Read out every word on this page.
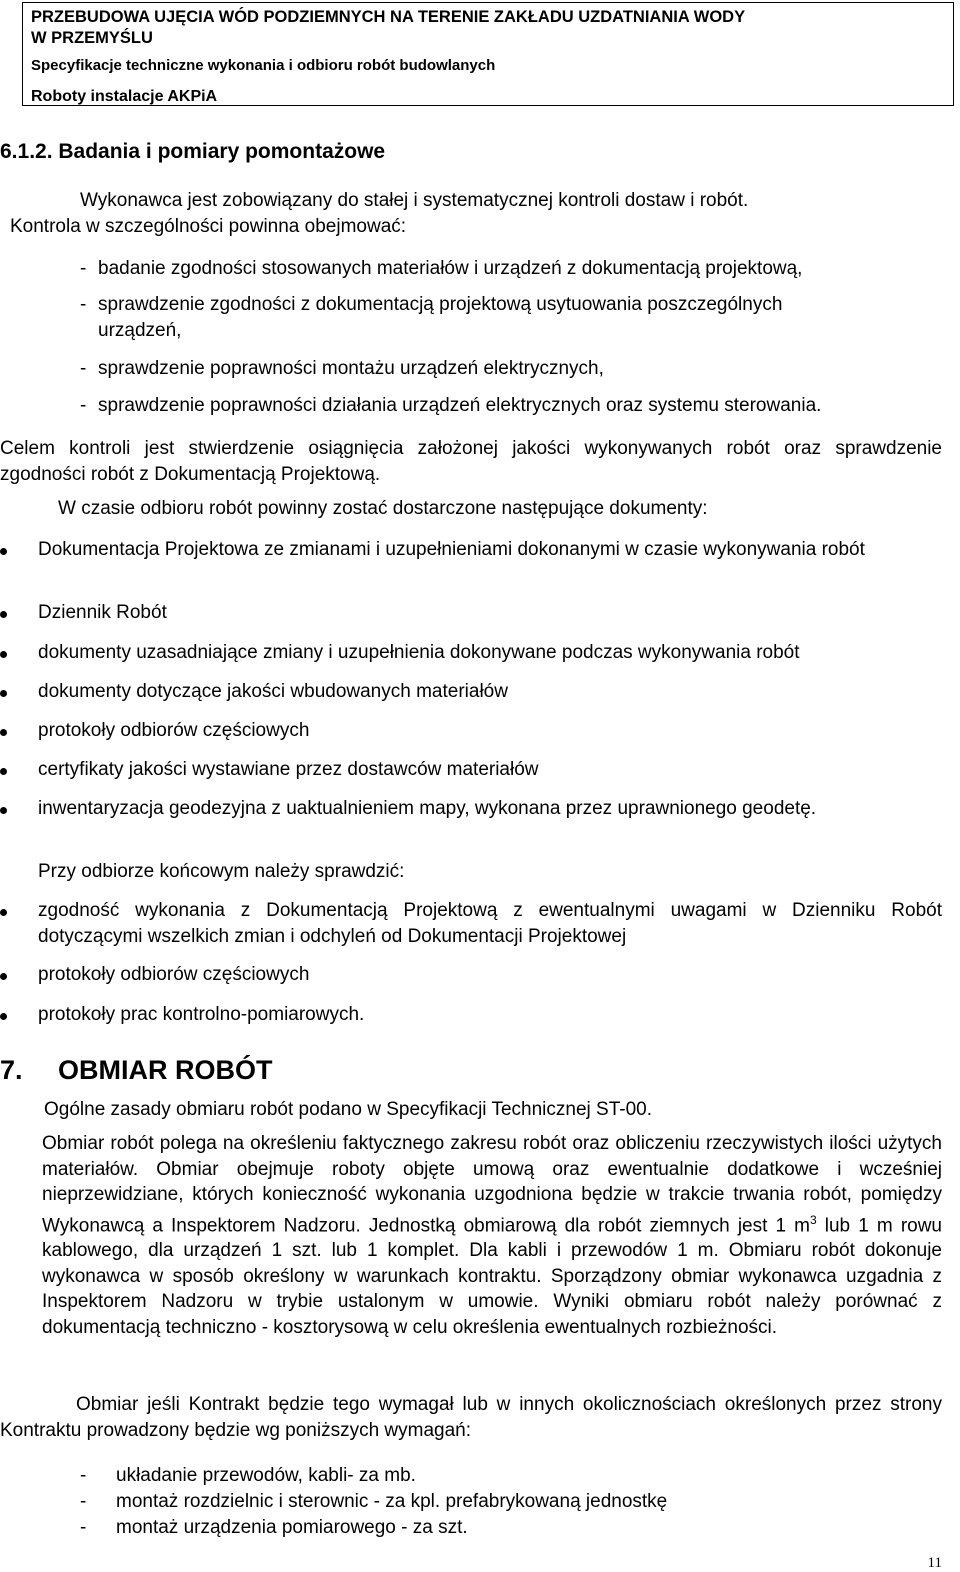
PRZEBUDOWA UJĘCIA WÓD PODZIEMNYCH NA TERENIE ZAKŁADU UZDATNIANIA WODY
W PRZEMYŚLU
Specyfikacje techniczne wykonania i odbioru robót budowlanych
Roboty instalacje AKPiA
6.1.2. Badania i pomiary pomontażowe
Wykonawca jest zobowiązany do stałej i systematycznej kontroli dostaw i robót.
Kontrola w szczególności powinna obejmować:
- badanie zgodności stosowanych materiałów i urządzeń z dokumentacją projektową,
- sprawdzenie zgodności z dokumentacją projektową usytuowania poszczególnych
urządzeń,
- sprawdzenie poprawności montażu urządzeń elektrycznych,
- sprawdzenie poprawności działania urządzeń elektrycznych oraz systemu sterowania.
Celem kontroli jest stwierdzenie osiągnięcia założonej jakości wykonywanych robót oraz sprawdzenie zgodności robót z Dokumentacją Projektową.
W czasie odbioru robót powinny zostać dostarczone następujące dokumenty:
Dokumentacja Projektowa ze zmianami i uzupełnieniami dokonanymi w czasie wykonywania robót
Dziennik Robót
dokumenty uzasadniające zmiany i uzupełnienia dokonywane podczas wykonywania robót
dokumenty dotyczące jakości wbudowanych materiałów
protokoły odbiorów częściowych
certyfikaty jakości wystawiane przez dostawców materiałów
inwentaryzacja geodezyjna z uaktualnieniem mapy, wykonana przez uprawnionego geodetę.
Przy odbiorze końcowym należy sprawdzić:
zgodność wykonania z Dokumentacją Projektową z ewentualnymi uwagami w Dzienniku Robót dotyczącymi wszelkich zmian i odchyleń od Dokumentacji Projektowej
protokoły odbiorów częściowych
protokoły prac kontrolno-pomiarowych.
7. OBMIAR ROBÓT
Ogólne zasady obmiaru robót podano w Specyfikacji Technicznej ST-00.
Obmiar robót polega na określeniu faktycznego zakresu robót oraz obliczeniu rzeczywistych ilości użytych materiałów. Obmiar obejmuje roboty objęte umową oraz ewentualnie dodatkowe i wcześniej nieprzewidziane, których konieczność wykonania uzgodniona będzie w trakcie trwania robót, pomiędzy Wykonawcą a Inspektorem Nadzoru. Jednostką obmiarową dla robót ziemnych jest 1 $m^3$ lub 1 m rowu kablowego, dla urządzeń 1 szt. lub 1 komplet. Dla kabli i przewodów 1 m. Obmiaru robót dokonuje wykonawca w sposób określony w warunkach kontraktu. Sporządzony obmiar wykonawca uzgadnia z Inspektorem Nadzoru w trybie ustalonym w umowie. Wyniki obmiaru robót należy porównać z dokumentacją techniczno - kosztorysową w celu określenia ewentualnych rozbieżności.
Obmiar jeśli Kontrakt będzie tego wymagał lub w innych okolicznościach określonych przez strony Kontraktu prowadzony będzie wg poniższych wymagań:
- układanie przewodów, kabli- za mb.
- montaż rozdzielnic i sterownic - za kpl. prefabrykowaną jednostkę
- montaż urządzenia pomiarowego - za szt.
11
